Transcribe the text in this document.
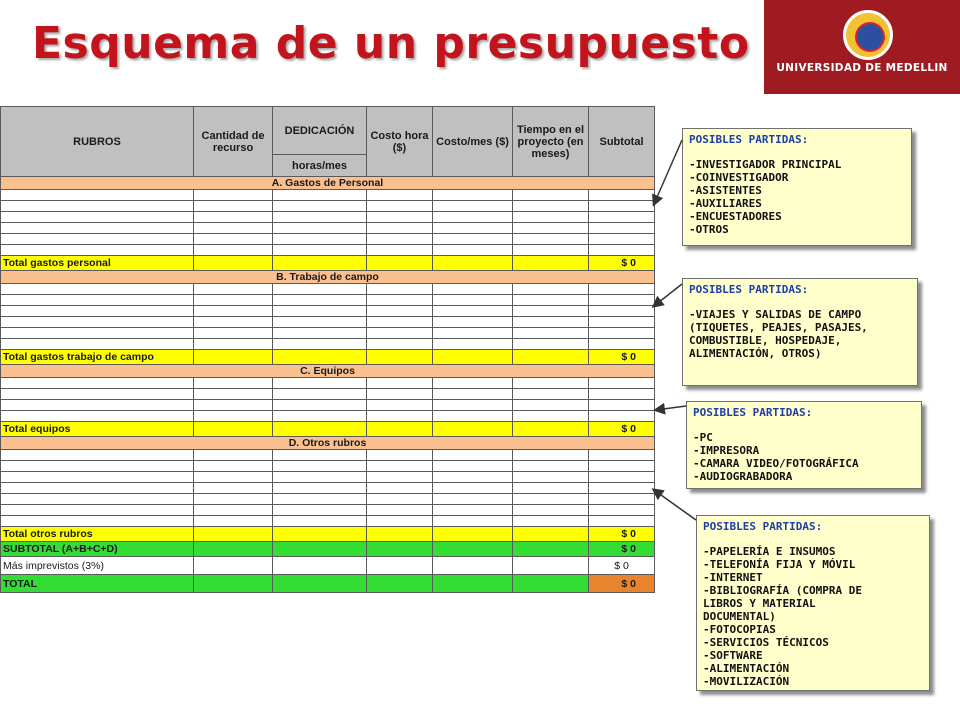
Esquema de un presupuesto	UNIVERSIDAD DE MEDELLIN
RUBROS	Cantidad de recurso	DEDICACIÓN	Costo hora ($)	Costo/mes ($)	Tiempo en el proyecto (en meses)	Subtotal
		horas/mes				
A. Gastos de Personal						

Total gastos personal						$ 0
B. Trabajo de campo						

Total gastos trabajo de campo						$ 0
C. Equipos						

Total equipos						$ 0
D. Otros rubros						

Total otros rubros						$ 0
SUBTOTAL (A+B+C+D)						$ 0
Más imprevistos (3%)						$ 0
TOTAL						$ 0
POSIBLES PARTIDAS:
-INVESTIGADOR PRINCIPAL
-COINVESTIGADOR
-ASISTENTES
-AUXILIARES
-ENCUESTADORES
-OTROS
POSIBLES PARTIDAS:
-VIAJES Y SALIDAS DE CAMPO
(TIQUETES, PEAJES, PASAJES,
COMBUSTIBLE, HOSPEDAJE,
ALIMENTACIÓN, OTROS)
POSIBLES PARTIDAS:
-PC
-IMPRESORA
-CAMARA VIDEO/FOTOGRÁFICA
-AUDIOGRABADORA
POSIBLES PARTIDAS:
-PAPELERÍA E INSUMOS
-TELEFONÍA FIJA Y MÓVIL
-INTERNET
-BIBLIOGRAFÍA (COMPRA DE
LIBROS Y MATERIAL
DOCUMENTAL)
-FOTOCOPIAS
-SERVICIOS TÉCNICOS
-SOFTWARE
-ALIMENTACIÓN
-MOVILIZACIÓN
